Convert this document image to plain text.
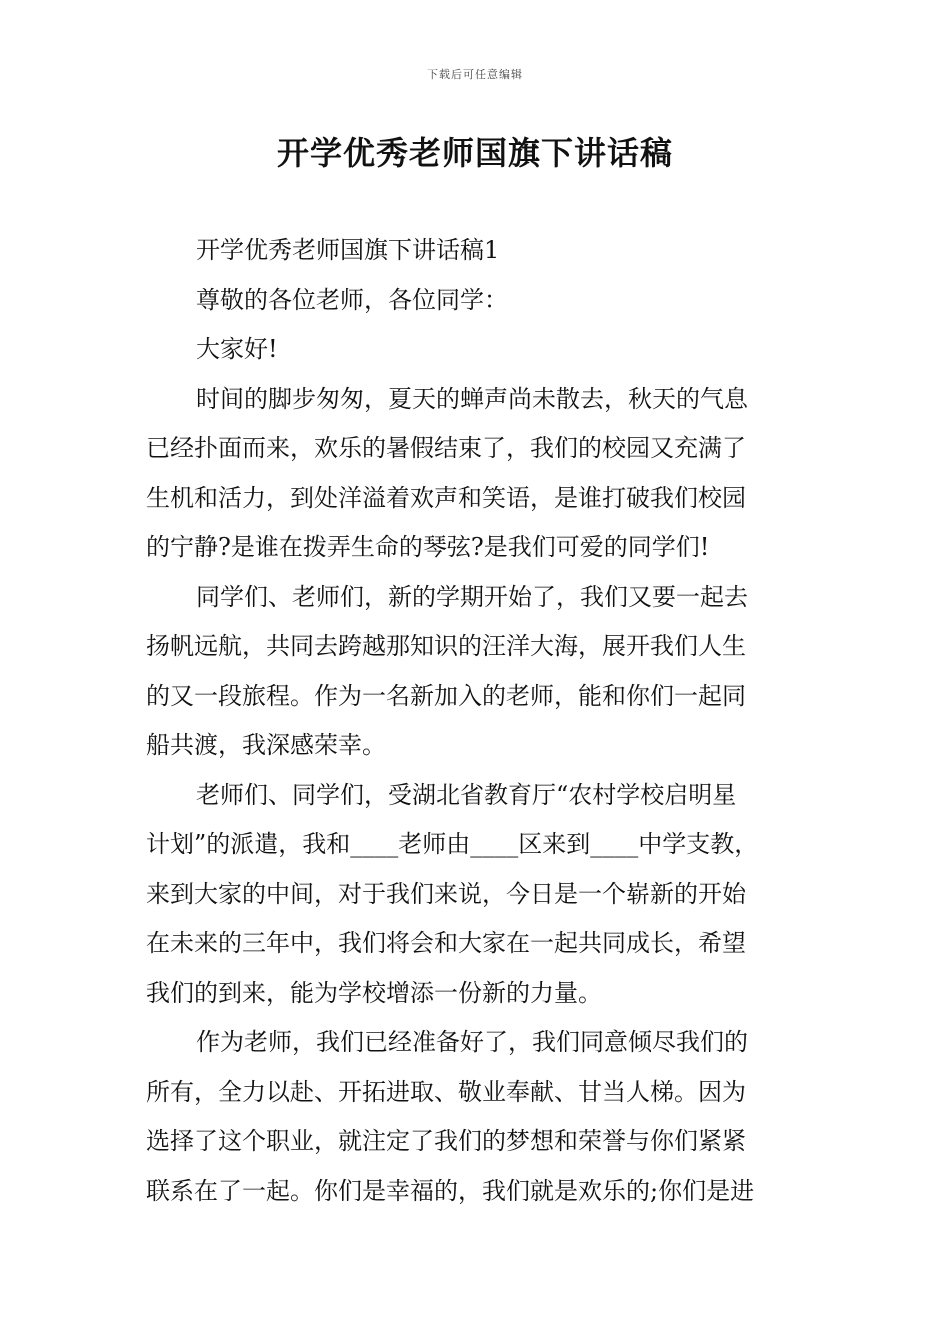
下载后可任意编辑
开学优秀老师国旗下讲话稿
开学优秀老师国旗下讲话稿1
尊敬的各位老师，各位同学：
大家好!
时间的脚步匆匆，夏天的蝉声尚未散去，秋天的气息
已经扑面而来，欢乐的暑假结束了，我们的校园又充满了
生机和活力，到处洋溢着欢声和笑语，是谁打破我们校园
的宁静?是谁在拨弄生命的琴弦?是我们可爱的同学们!
同学们、老师们，新的学期开始了，我们又要一起去
扬帆远航，共同去跨越那知识的汪洋大海，展开我们人生
的又一段旅程。作为一名新加入的老师，能和你们一起同
船共渡，我深感荣幸。
老师们、同学们，受湖北省教育厅“农村学校启明星
计划”的派遣，我和____老师由____区来到____中学支教，
来到大家的中间，对于我们来说，今日是一个崭新的开始
在未来的三年中，我们将会和大家在一起共同成长，希望
我们的到来，能为学校增添一份新的力量。
作为老师，我们已经准备好了，我们同意倾尽我们的
所有，全力以赴、开拓进取、敬业奉献、甘当人梯。因为
选择了这个职业，就注定了我们的梦想和荣誉与你们紧紧
联系在了一起。你们是幸福的，我们就是欢乐的;你们是进
